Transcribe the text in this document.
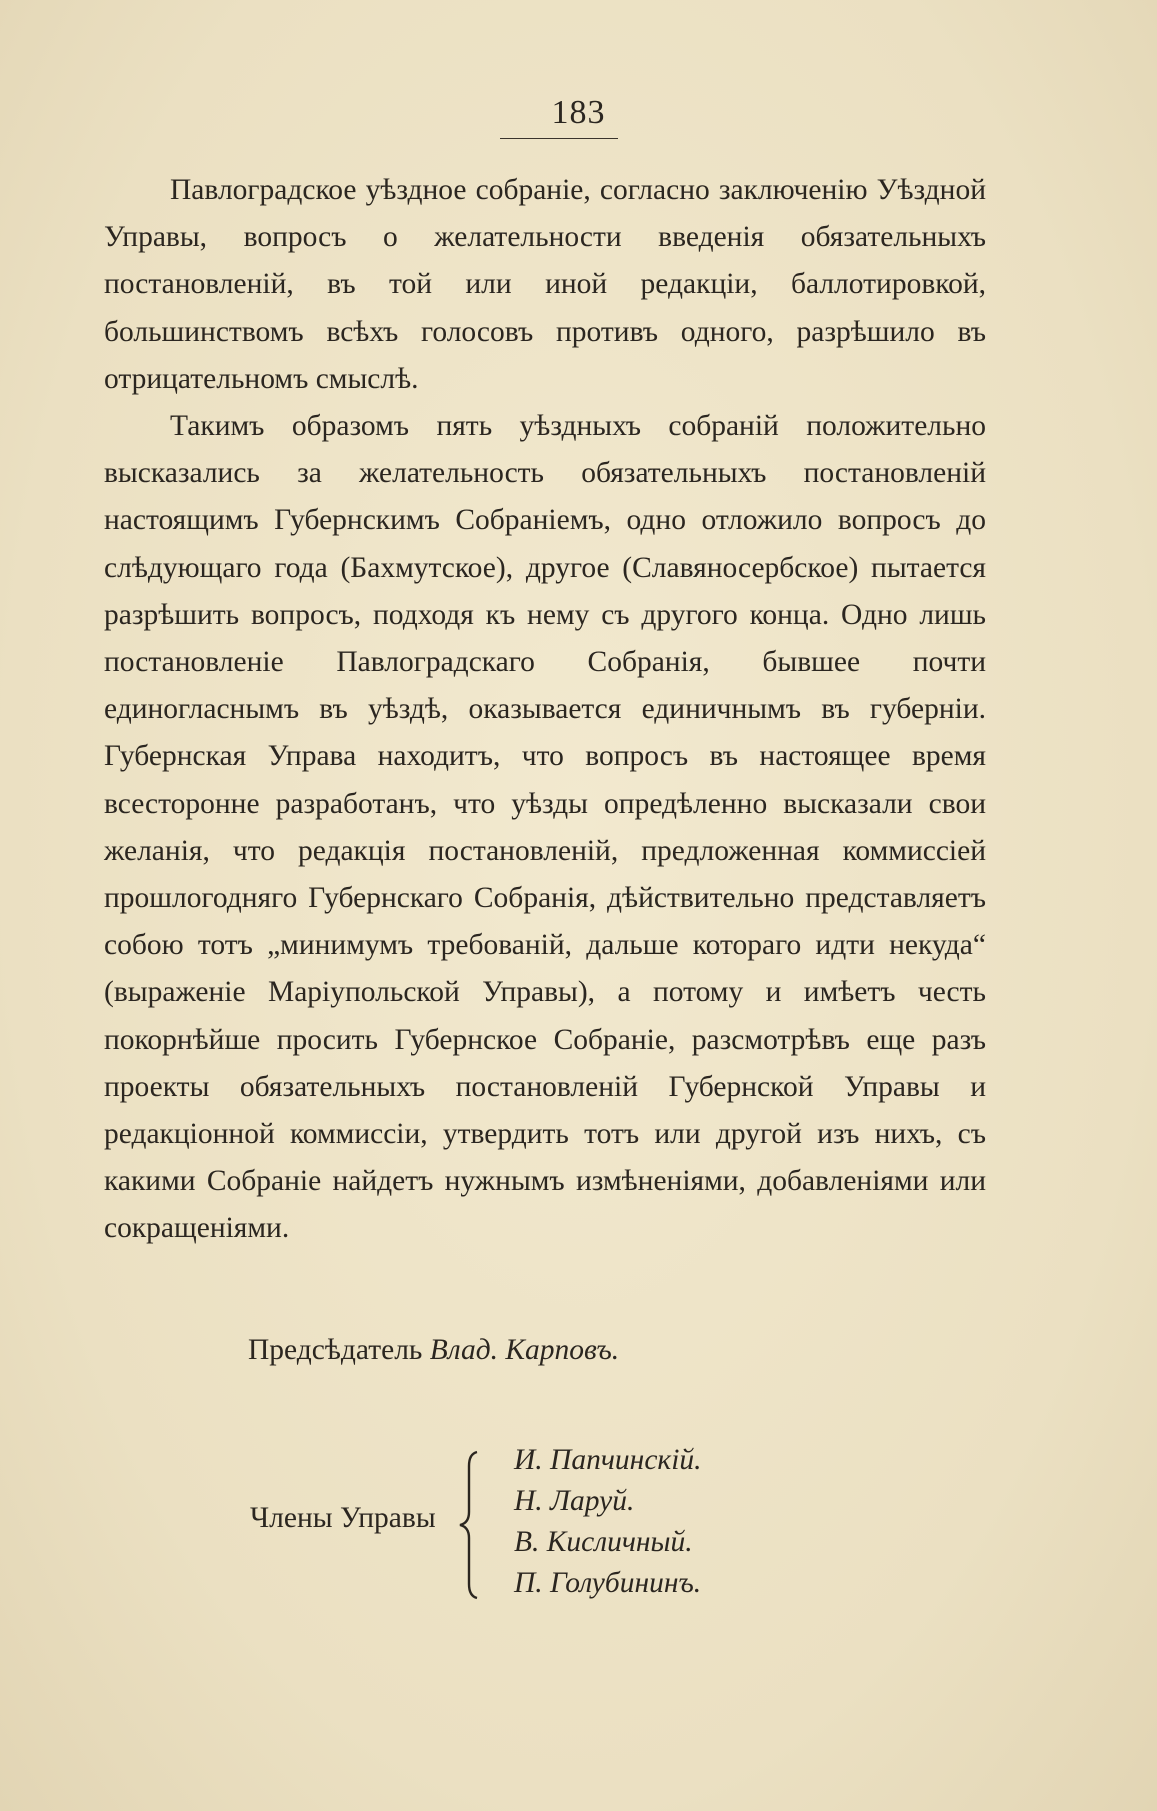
183

Павлоградское уѣздное собраніе, согласно заключенію Уѣздной Управы, вопросъ о желательности введенія обязательныхъ постановленій, въ той или иной редакціи, баллотировкой, большинствомъ всѣхъ голосовъ противъ одного, разрѣшило въ отрицательномъ смыслѣ.

Такимъ образомъ пять уѣздныхъ собраній положительно высказались за желательность обязательныхъ постановленій настоящимъ Губернскимъ Собраніемъ, одно отложило вопросъ до слѣдующаго года (Бахмутское), другое (Славяносербское) пытается разрѣшить вопросъ, подходя къ нему съ другого конца. Одно лишь постановленіе Павлоградскаго Собранія, бывшее почти единогласнымъ въ уѣздѣ, оказывается единичнымъ въ губерніи. Губернская Управа находитъ, что вопросъ въ настоящее время всесторонне разработанъ, что уѣзды опредѣленно высказали свои желанія, что редакція постановленій, предложенная коммиссіей прошлогодняго Губернскаго Собранія, дѣйствительно представляетъ собою тотъ „минимумъ требованій, дальше котораго идти некуда“ (выраженіе Маріупольской Управы), а потому и имѣетъ честь покорнѣйше просить Губернское Собраніе, разсмотрѣвъ еще разъ проекты обязательныхъ постановленій Губернской Управы и редакціонной коммиссіи, утвердить тотъ или другой изъ нихъ, съ какими Собраніе найдетъ нужнымъ измѣненіями, добавленіями или сокращеніями.

Предсѣдатель Влад. Карповъ.
Члены Управы
И. Папчинскій.
Н. Ларуй.
В. Кисличный.
П. Голубининъ.
